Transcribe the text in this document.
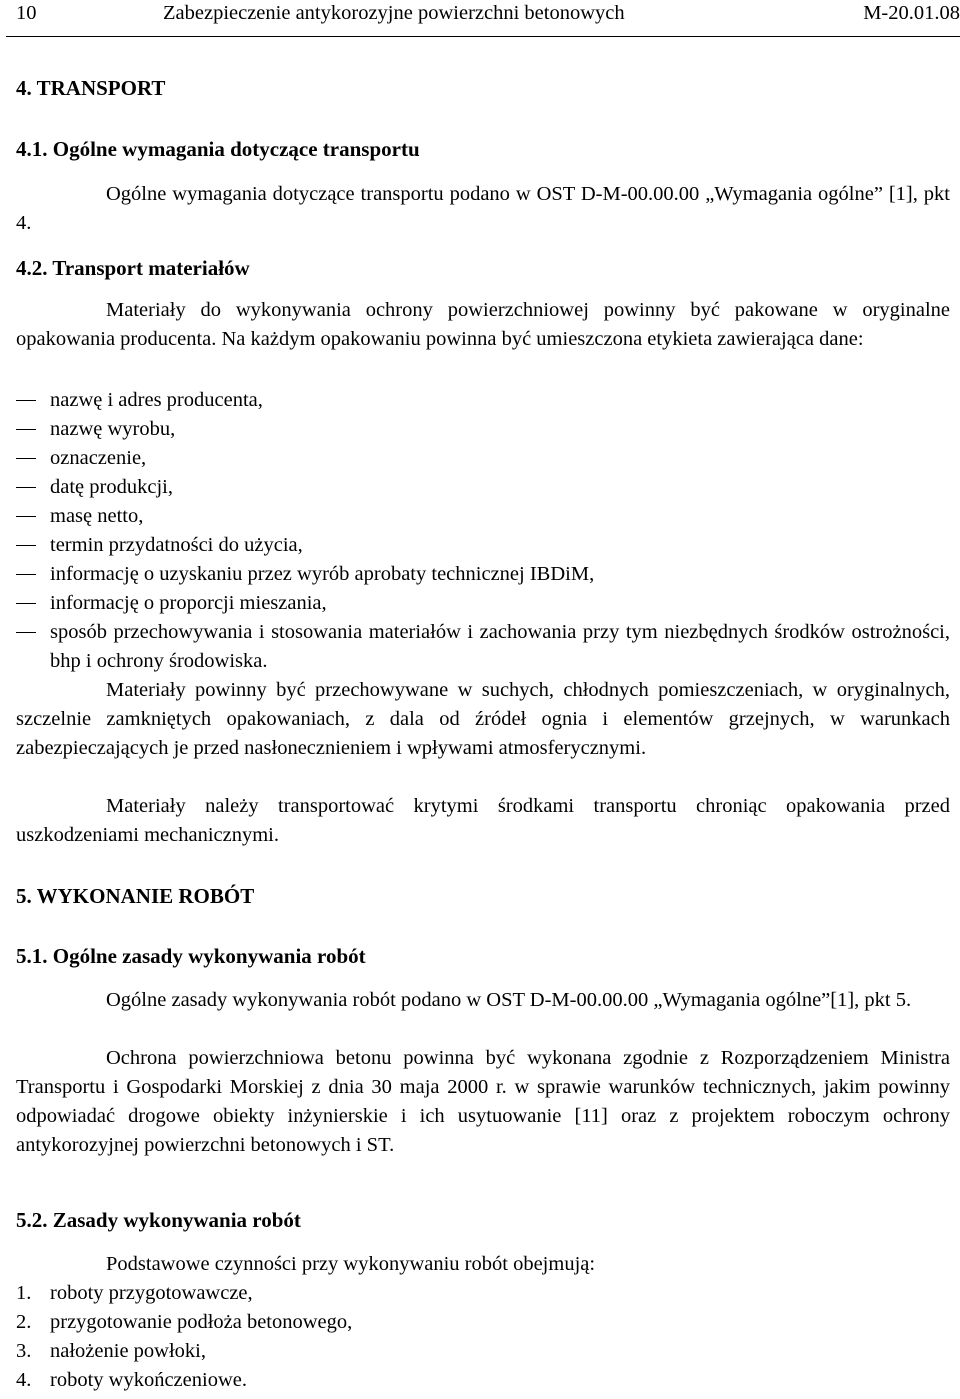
10	Zabezpieczenie antykorozyjne powierzchni betonowych	M-20.01.08
4. TRANSPORT
4.1. Ogólne wymagania dotyczące transportu
Ogólne wymagania dotyczące transportu podano w OST D-M-00.00.00 „Wymagania ogólne” [1], pkt 4.
4.2. Transport materiałów
Materiały do wykonywania ochrony powierzchniowej powinny być pakowane w oryginalne opakowania producenta. Na każdym opakowaniu powinna być umieszczona etykieta zawierająca dane:
nazwę i adres producenta,
nazwę wyrobu,
oznaczenie,
datę produkcji,
masę netto,
termin przydatności do użycia,
informację o uzyskaniu przez wyrób aprobaty technicznej IBDiM,
informację o proporcji mieszania,
sposób przechowywania i stosowania materiałów i zachowania przy tym niezbędnych środków ostrożności, bhp i ochrony środowiska.
Materiały powinny być przechowywane w suchych, chłodnych pomieszczeniach, w oryginalnych, szczelnie zamkniętych opakowaniach, z dala od źródeł ognia i elementów grzejnych, w warunkach zabezpieczających je przed nasłonecznieniem i wpływami atmosferycznymi.
Materiały należy transportować krytymi środkami transportu chroniąc opakowania przed uszkodzeniami mechanicznymi.
5. WYKONANIE ROBÓT
5.1. Ogólne zasady wykonywania robót
Ogólne zasady wykonywania robót podano w OST D-M-00.00.00 „Wymagania ogólne”[1], pkt 5.
Ochrona powierzchniowa betonu powinna być wykonana zgodnie z Rozporządzeniem Ministra Transportu i Gospodarki Morskiej z dnia 30 maja 2000 r. w sprawie warunków technicznych, jakim powinny odpowiadać drogowe obiekty inżynierskie i ich usytuowanie [11] oraz z projektem roboczym ochrony antykorozyjnej powierzchni betonowych i ST.
5.2. Zasady wykonywania robót
Podstawowe czynności przy wykonywaniu robót obejmują:
1. roboty przygotowawcze,
2. przygotowanie podłoża betonowego,
3. nałożenie powłoki,
4. roboty wykończeniowe.
